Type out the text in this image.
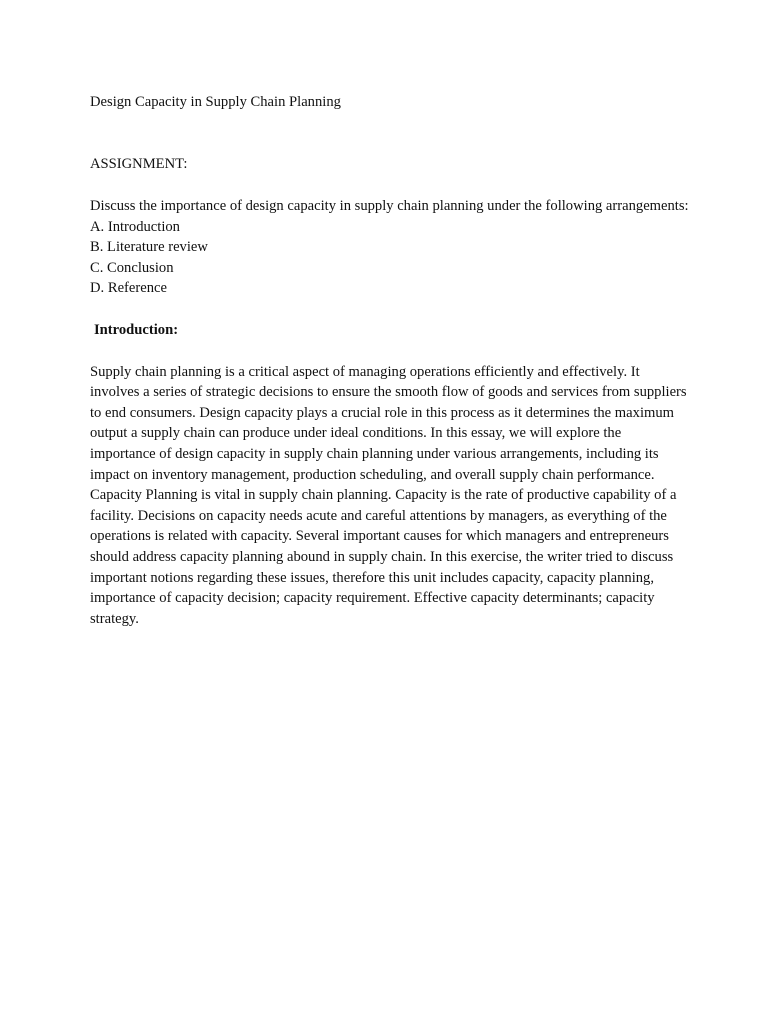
Design Capacity in Supply Chain Planning

ASSIGNMENT:

Discuss the importance of design capacity in supply chain planning under the following arrangements:

A. Introduction
B. Literature review
C. Conclusion
D. Reference

Introduction:

Supply chain planning is a critical aspect of managing operations efficiently and effectively. It involves a series of strategic decisions to ensure the smooth flow of goods and services from suppliers to end consumers. Design capacity plays a crucial role in this process as it determines the maximum output a supply chain can produce under ideal conditions. In this essay, we will explore the importance of design capacity in supply chain planning under various arrangements, including its impact on inventory management, production scheduling, and overall supply chain performance.

Capacity Planning is vital in supply chain planning. Capacity is the rate of productive capability of a facility. Decisions on capacity needs acute and careful attentions by managers, as everything of the operations is related with capacity. Several important causes for which managers and entrepreneurs should address capacity planning abound in supply chain. In this exercise, the writer tried to discuss important notions regarding these issues, therefore this unit includes capacity, capacity planning, importance of capacity decision; capacity requirement. Effective capacity determinants; capacity strategy.
